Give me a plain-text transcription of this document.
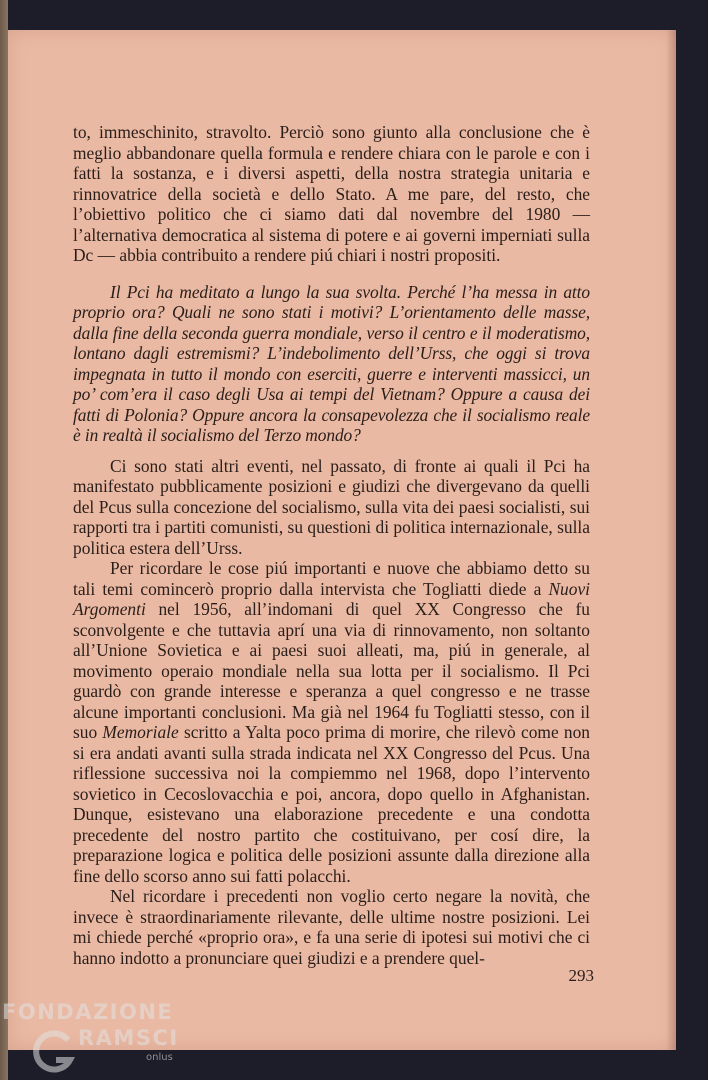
to, immeschinito, stravolto. Perciò sono giunto alla conclusione che è meglio abbandonare quella formula e rendere chiara con le parole e con i fatti la sostanza, e i diversi aspetti, della nostra strategia unitaria e rinnovatrice della società e dello Stato. A me pare, del resto, che l’obiettivo politico che ci siamo dati dal novembre del 1980 — l’alternativa democratica al sistema di potere e ai governi imperniati sulla Dc — abbia contribuito a rendere piú chiari i nostri propositi.

Il Pci ha meditato a lungo la sua svolta. Perché l’ha messa in atto proprio ora? Quali ne sono stati i motivi? L’orientamento delle masse, dalla fine della seconda guerra mondiale, verso il centro e il moderatismo, lontano dagli estremismi? L’indebolimento dell’Urss, che oggi si trova impegnata in tutto il mondo con eserciti, guerre e interventi massicci, un po’ com’era il caso degli Usa ai tempi del Vietnam? Oppure a causa dei fatti di Polonia? Oppure ancora la consapevolezza che il socialismo reale è in realtà il socialismo del Terzo mondo?

Ci sono stati altri eventi, nel passato, di fronte ai quali il Pci ha manifestato pubblicamente posizioni e giudizi che divergevano da quelli del Pcus sulla concezione del socialismo, sulla vita dei paesi socialisti, sui rapporti tra i partiti comunisti, su questioni di politica internazionale, sulla politica estera dell’Urss.

Per ricordare le cose piú importanti e nuove che abbiamo detto su tali temi comincerò proprio dalla intervista che Togliatti diede a Nuovi Argomenti nel 1956, all’indomani di quel XX Congresso che fu sconvolgente e che tuttavia aprí una via di rinnovamento, non soltanto all’Unione Sovietica e ai paesi suoi alleati, ma, piú in generale, al movimento operaio mondiale nella sua lotta per il socialismo. Il Pci guardò con grande interesse e speranza a quel congresso e ne trasse alcune importanti conclusioni. Ma già nel 1964 fu Togliatti stesso, con il suo Memoriale scritto a Yalta poco prima di morire, che rilevò come non si era andati avanti sulla strada indicata nel XX Congresso del Pcus. Una riflessione successiva noi la compiemmo nel 1968, dopo l’intervento sovietico in Cecoslovacchia e poi, ancora, dopo quello in Afghanistan. Dunque, esistevano una elaborazione precedente e una condotta precedente del nostro partito che costituivano, per cosí dire, la preparazione logica e politica delle posizioni assunte dalla direzione alla fine dello scorso anno sui fatti polacchi.

Nel ricordare i precedenti non voglio certo negare la novità, che invece è straordinariamente rilevante, delle ultime nostre posizioni. Lei mi chiede perché «proprio ora», e fa una serie di ipotesi sui motivi che ci hanno indotto a pronunciare quei giudizi e a prendere quel-

293
FONDAZIONE
RAMSCI
onlus
